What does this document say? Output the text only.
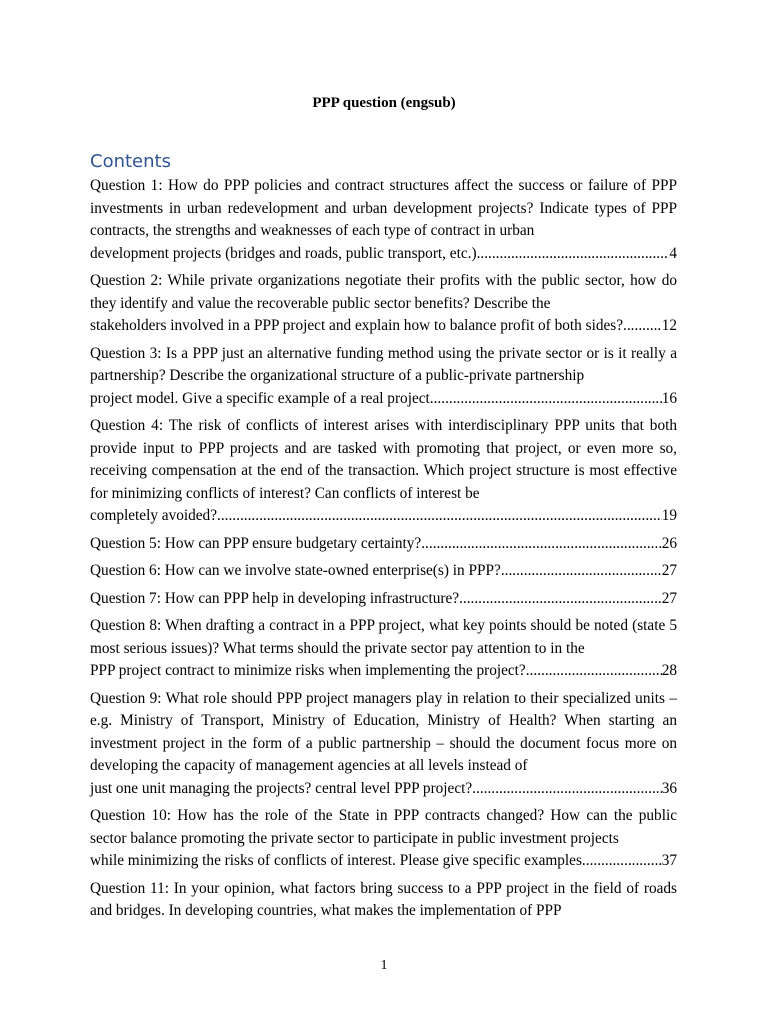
PPP question (engsub)
Contents
Question 1: How do PPP policies and contract structures affect the success or failure of PPP investments in urban redevelopment and urban development projects? Indicate types of PPP contracts, the strengths and weaknesses of each type of contract in urban
development projects (bridges and roads, public transport, etc.) .....	4
Question 2: While private organizations negotiate their profits with the public sector, how do they identify and value the recoverable public sector benefits? Describe the
stakeholders involved in a PPP project and explain how to balance profit of both sides? .....	12
Question 3: Is a PPP just an alternative funding method using the private sector or is it really a partnership? Describe the organizational structure of a public-private partnership
project model. Give a specific example of a real project. .....	16
Question 4: The risk of conflicts of interest arises with interdisciplinary PPP units that both provide input to PPP projects and are tasked with promoting that project, or even more so, receiving compensation at the end of the transaction. Which project structure is most effective for minimizing conflicts of interest? Can conflicts of interest be
completely avoided? .....	19
Question 5: How can PPP ensure budgetary certainty? .....	26
Question 6: How can we involve state-owned enterprise(s) in PPP? .....	27
Question 7: How can PPP help in developing infrastructure? .....	27
Question 8: When drafting a contract in a PPP project, what key points should be noted (state 5 most serious issues)? What terms should the private sector pay attention to in the
PPP project contract to minimize risks when implementing the project? .....	28
Question 9: What role should PPP project managers play in relation to their specialized units – e.g. Ministry of Transport, Ministry of Education, Ministry of Health? When starting an investment project in the form of a public partnership – should the document focus more on developing the capacity of management agencies at all levels instead of
just one unit managing the projects? central level PPP project? .....	36
Question 10: How has the role of the State in PPP contracts changed? How can the public sector balance promoting the private sector to participate in public investment projects
while minimizing the risks of conflicts of interest. Please give specific examples .....	37
Question 11: In your opinion, what factors bring success to a PPP project in the field of roads and bridges. In developing countries, what makes the implementation of PPP
1
